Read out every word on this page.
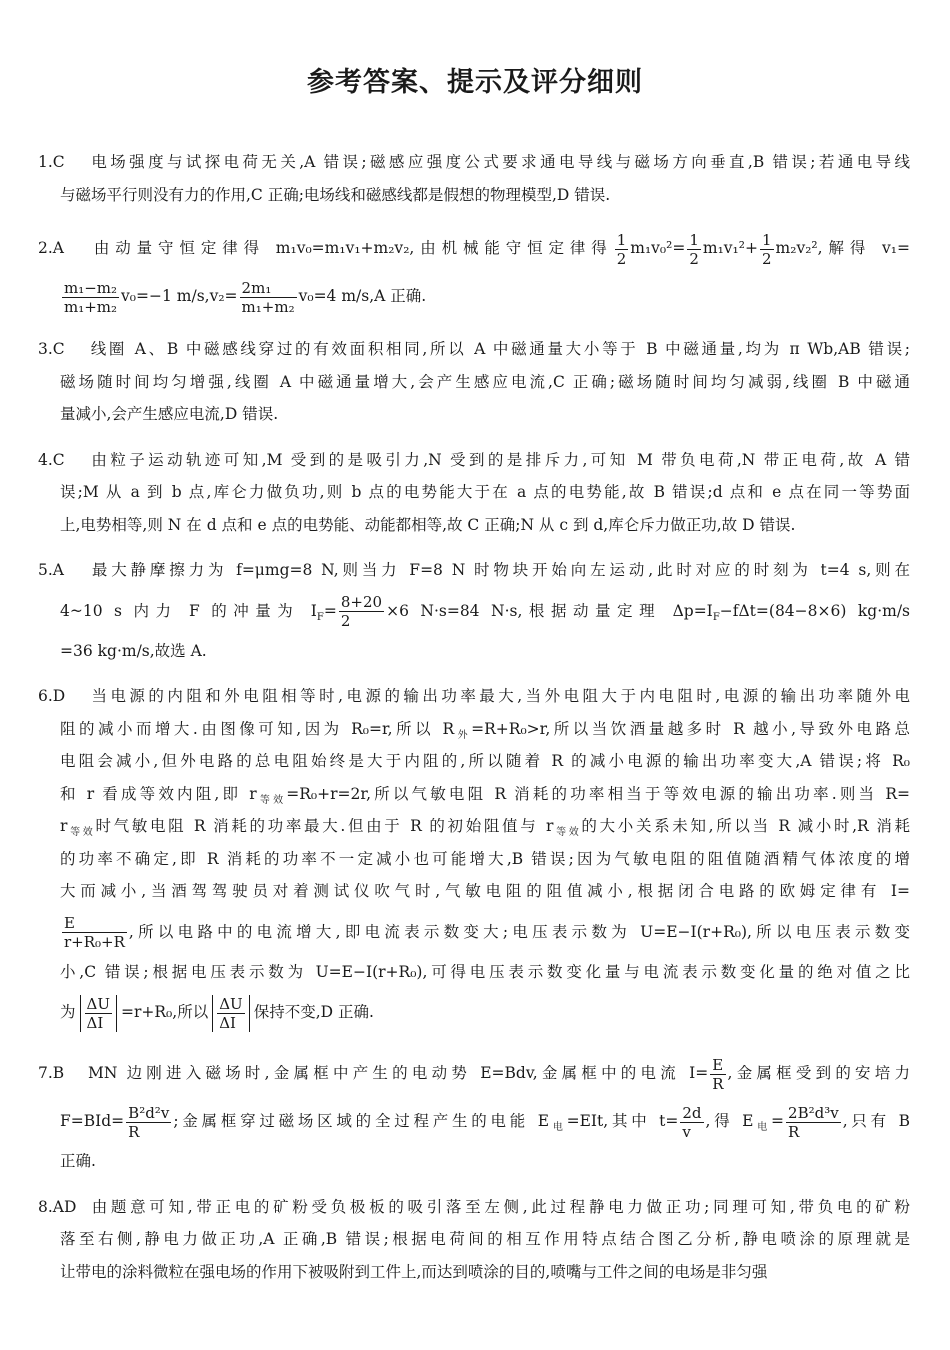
参考答案、提示及评分细则
1.C 电场强度与试探电荷无关,A 错误;磁感应强度公式要求通电导线与磁场方向垂直,B 错误;若通电导线
与磁场平行则没有力的作用,C 正确;电场线和磁感线都是假想的物理模型,D 错误.
2.A 由动量守恒定律得 m₁v₀=m₁v₁+m₂v₂,由机械能守恒定律得 $\frac{1}{2} m_1v_0^2= \frac{1}{2} m_1v_1^2+ \frac{1}{2} m_2v_2^2$,解得 v₁=
$\frac{\text{m₁−m₂}}{\text{m₁+m₂}} v_0=-1$ $m/s,v_2= \frac{\text{2m₁}}{\text{m₁+m₂}} v_0=4$ m/s,A 正确.
3.C 线圈 A、B 中磁感线穿过的有效面积相同,所以 A 中磁通量大小等于 B 中磁通量,均为 π Wb,AB 错误;
磁场随时间均匀增强,线圈 A 中磁通量增大,会产生感应电流,C 正确;磁场随时间均匀减弱,线圈 B 中磁通
量减小,会产生感应电流,D 错误.
4.C 由粒子运动轨迹可知,M 受到的是吸引力,N 受到的是排斥力,可知 M 带负电荷,N 带正电荷,故 A 错
误;M 从 a 到 b 点,库仑力做负功,则 b 点的电势能大于在 a 点的电势能,故 B 错误;d 点和 e 点在同一等势面
上,电势相等,则 N 在 d 点和 e 点的电势能、动能都相等,故 C 正确;N 从 c 到 d,库仑斥力做正功,故 D 错误.
5.A 最大静摩擦力为 f=μmg=8 N,则当力 F=8 N 时物块开始向左运动,此时对应的时刻为 t=4 s,则在
4~10 s 内力 F 的冲量为 $I_F= \frac{8+20}{2} \times 6$ N·s=84 N·s,根据动量定理 $\Delta p=I_F-f\Delta t=(84-8\times 6)$ kg·m/s
=36 kg·m/s,故选 A.
6.D 当电源的内阻和外电阻相等时,电源的输出功率最大,当外电阻大于内电阻时,电源的输出功率随外电
阻的减小而增大.由图像可知,因为 R₀=r,所以 $R_外=R+R_0>r$,所以当饮酒量越多时 R 越小,导致外电路总
电阻会减小,但外电路的总电阻始终是大于内阻的,所以随着 R 的减小电源的输出功率变大,A 错误;将 R₀
和 r 看成等效内阻,即 $r_{等效}=R_0+r=2r$,所以气敏电阻 R 消耗的功率相当于等效电源的输出功率.则当 R=
$r_{等效}$时气敏电阻 R 消耗的功率最大.但由于 R 的初始阻值与 $r_{等效}$的大小关系未知,所以当 R 减小时,R 消耗
的功率不确定,即 R 消耗的功率不一定减小也可能增大,B 错误;因为气敏电阻的阻值随酒精气体浓度的增
大而减小,当酒驾驾驶员对着测试仪吹气时,气敏电阻的阻值减小,根据闭合电路的欧姆定律有 I=
$\frac{E}{\text{r+R₀+R}}$ ,所以电路中的电流增大,即电流表示数变大;电压表示数为 U=E−I(r+R₀),所以电压表示数变
小,C 错误;根据电压表示数为 U=E−I(r+R₀),可得电压表示数变化量与电流表示数变化量的绝对值之比
为 $\frac{\Delta U}{\Delta I} =r+R_0$,所以 $\frac{\Delta U}{\Delta I}$ 保持不变,D 正确.
7.B MN 边刚进入磁场时,金属框中产生的电动势 E=Bdv,金属框中的电流 $I= \frac{E}{R}$ ,金属框受到的安培力
$F=BId= \frac{\text{B²d²v}}{R}$ ;金属框穿过磁场区域的全过程产生的电能 $E_电=EIt$,其中 $t= \frac{2d}{v}$ ,得 $E_电= \frac{\text{2B²d³v}}{R}$ ,只有 B
正确.
8.AD 由题意可知,带正电的矿粉受负极板的吸引落至左侧,此过程静电力做正功;同理可知,带负电的矿粉
落至右侧,静电力做正功,A 正确,B 错误;根据电荷间的相互作用特点结合图乙分析,静电喷涂的原理就是
让带电的涂料微粒在强电场的作用下被吸附到工件上,而达到喷涂的目的,喷嘴与工件之间的电场是非匀强
